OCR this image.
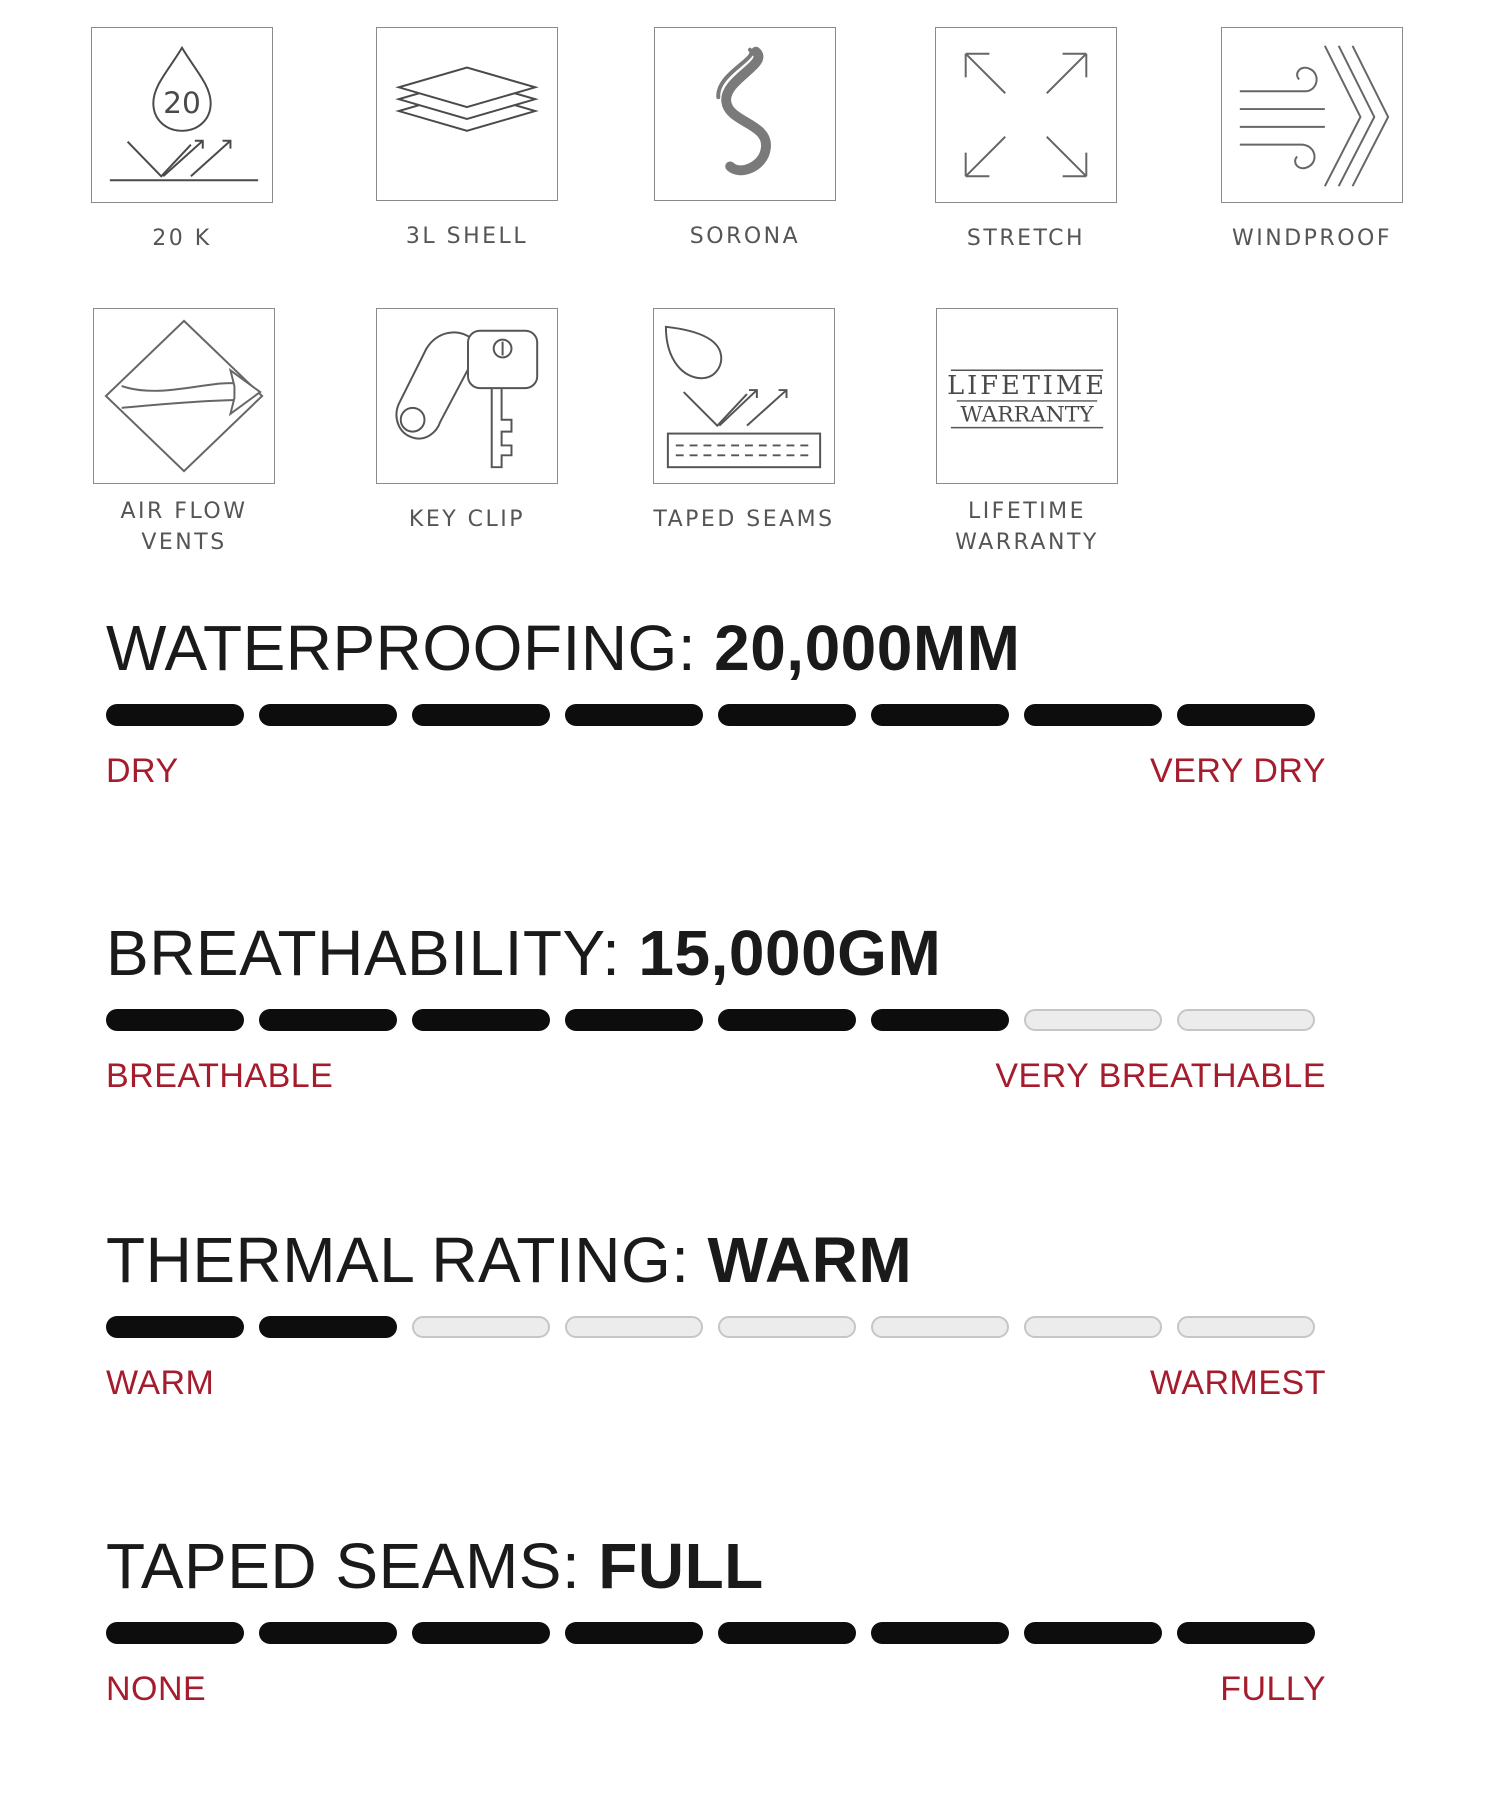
20
20 K	3L SHELL	SORONA	STRETCH	WINDPROOF
AIR FLOW
VENTS
KEY CLIP	TAPED SEAMS
LIFETIME
WARRANTY
LIFETIME
WARRANTY
WATERPROOFING: 20,000MM
DRY	VERY DRY
BREATHABILITY: 15,000GM
BREATHABLE	VERY BREATHABLE
THERMAL RATING: WARM
WARM	WARMEST
TAPED SEAMS: FULL
NONE	FULLY
